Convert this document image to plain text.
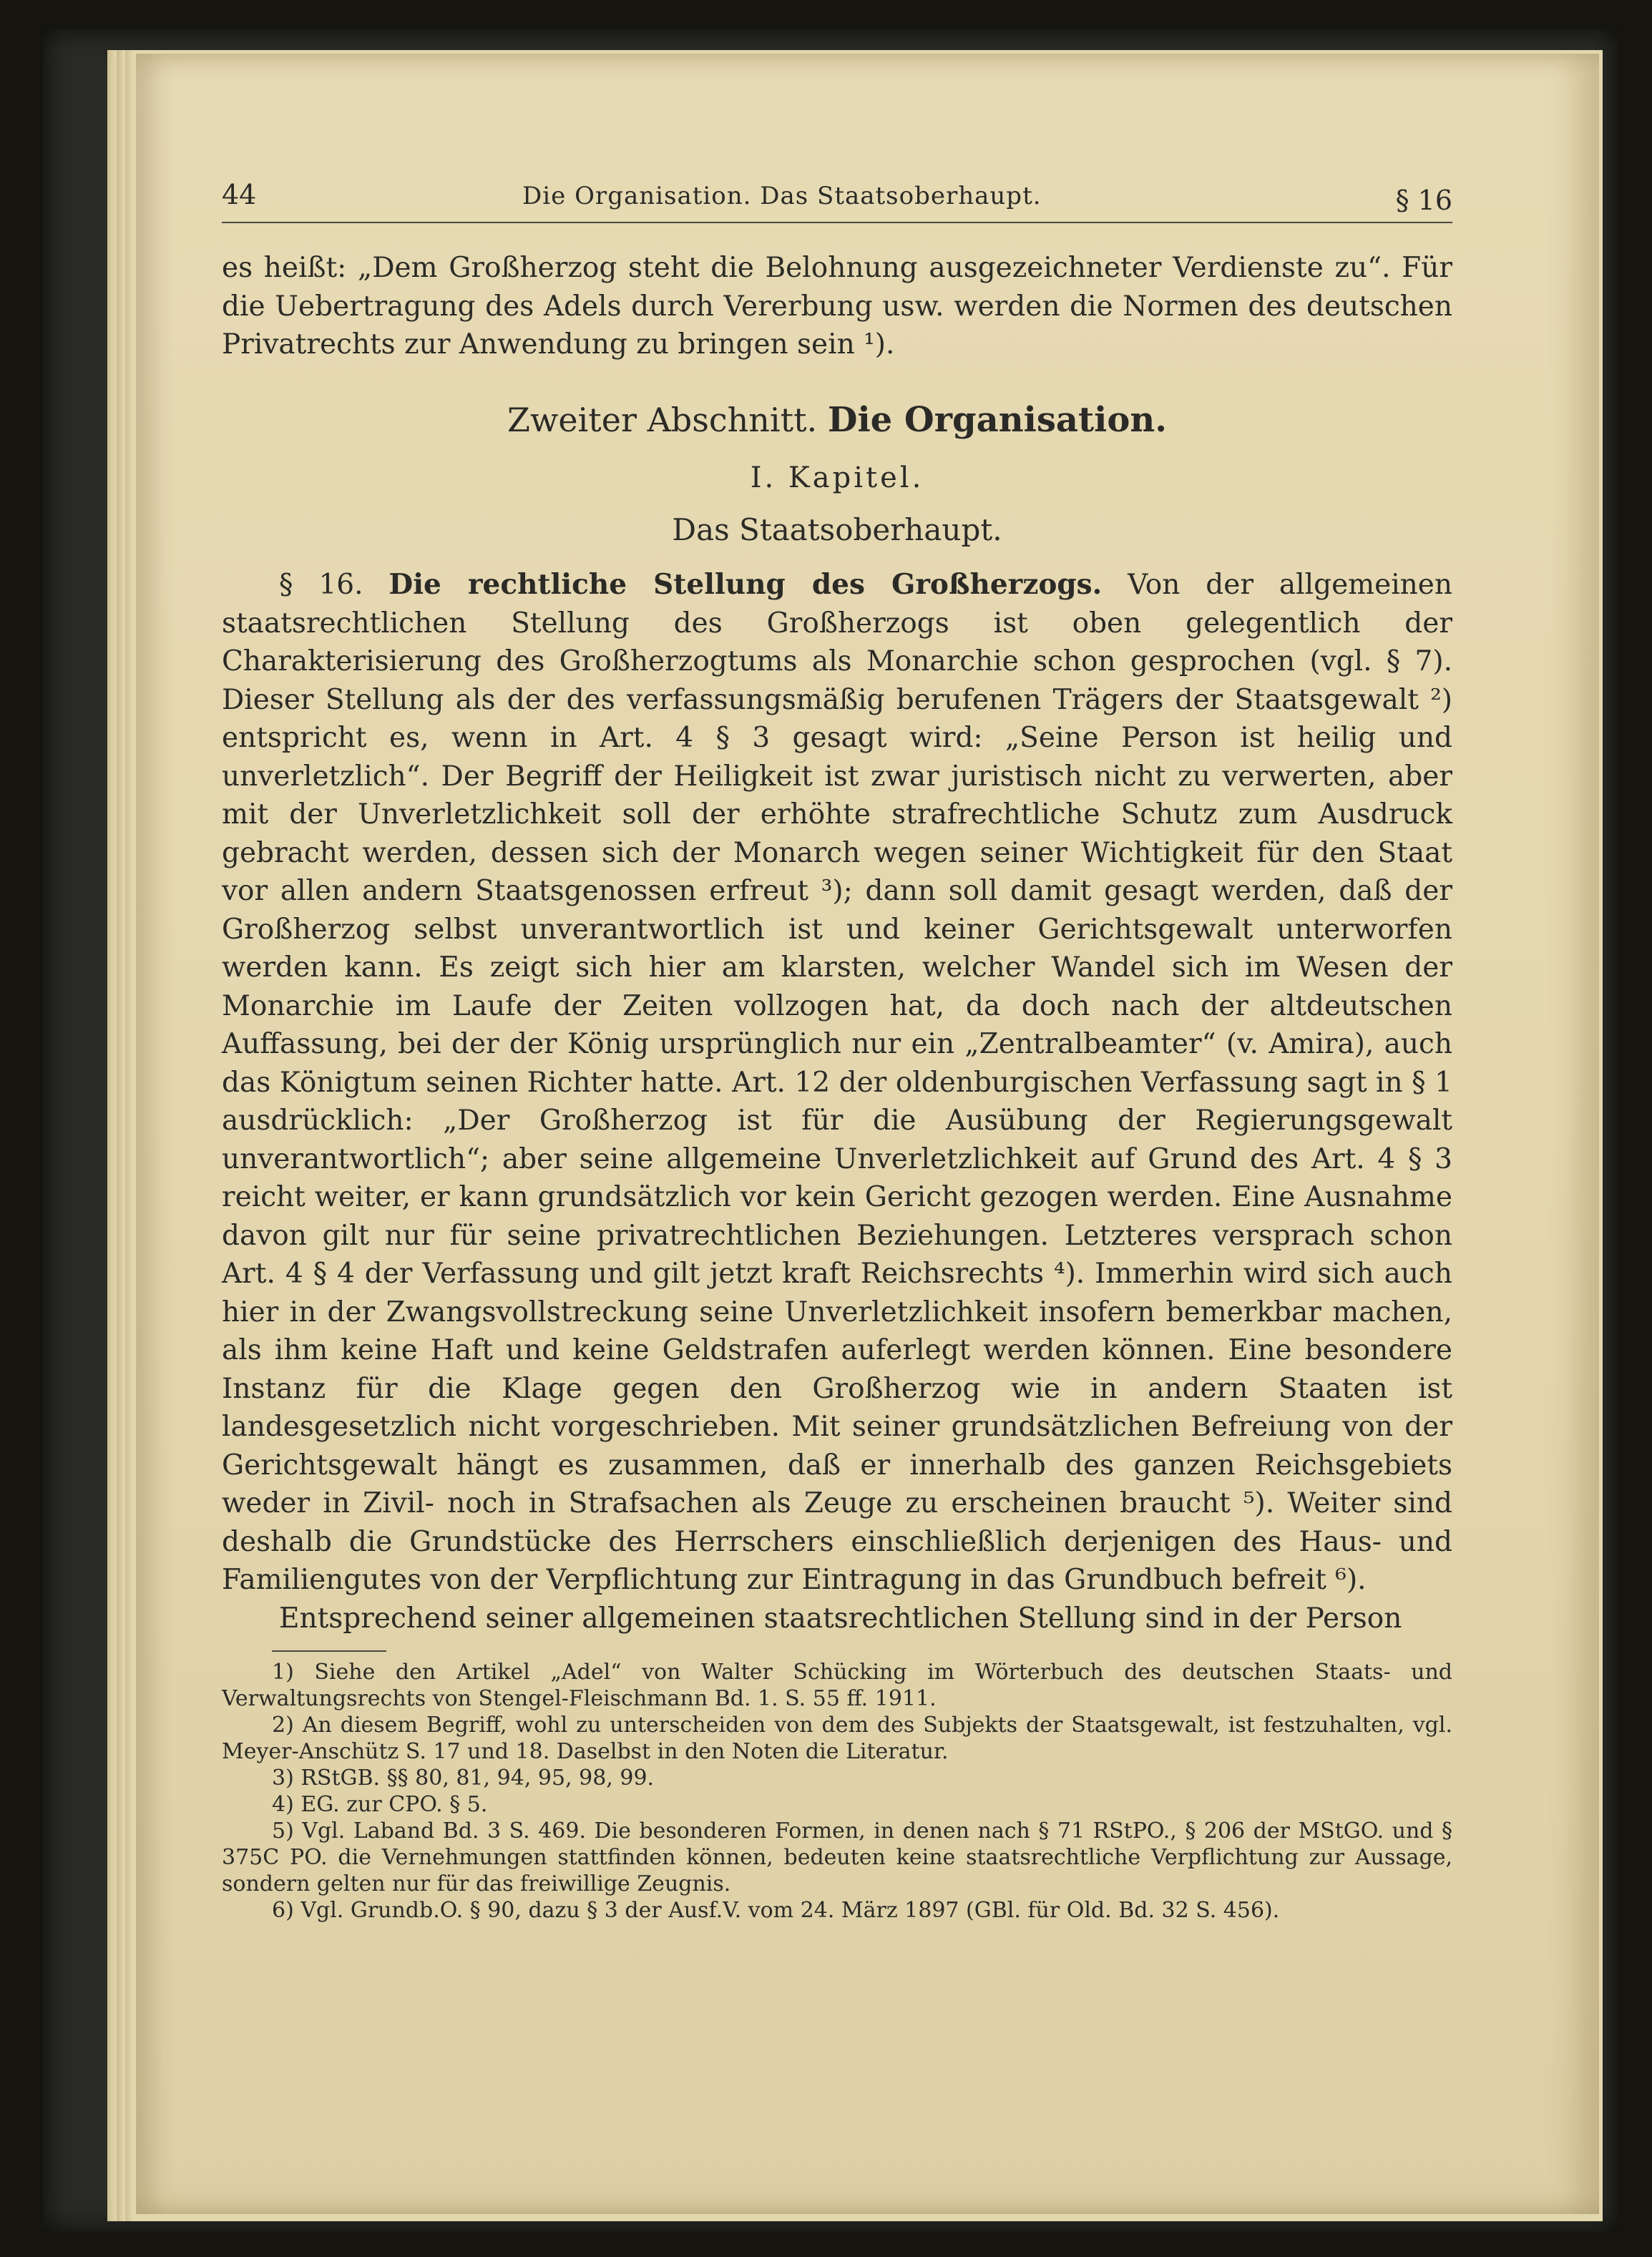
44	Die Organisation. Das Staatsoberhaupt.	§ 16

es heißt: „Dem Großherzog steht die Belohnung ausgezeichneter Verdienste zu“. Für die Uebertragung des Adels durch Vererbung usw. werden die Normen des deutschen Privatrechts zur Anwendung zu bringen sein ¹).

Zweiter Abschnitt. Die Organisation.
I. Kapitel.
Das Staatsoberhaupt.

§ 16. Die rechtliche Stellung des Großherzogs. Von der allgemeinen staatsrechtlichen Stellung des Großherzogs ist oben gelegentlich der Charakterisierung des Großherzogtums als Monarchie schon gesprochen (vgl. § 7). Dieser Stellung als der des verfassungsmäßig berufenen Trägers der Staatsgewalt ²) entspricht es, wenn in Art. 4 § 3 gesagt wird: „Seine Person ist heilig und unverletzlich“. Der Begriff der Heiligkeit ist zwar juristisch nicht zu verwerten, aber mit der Unverletzlichkeit soll der erhöhte strafrechtliche Schutz zum Ausdruck gebracht werden, dessen sich der Monarch wegen seiner Wichtigkeit für den Staat vor allen andern Staatsgenossen erfreut ³); dann soll damit gesagt werden, daß der Großherzog selbst unverantwortlich ist und keiner Gerichtsgewalt unterworfen werden kann. Es zeigt sich hier am klarsten, welcher Wandel sich im Wesen der Monarchie im Laufe der Zeiten vollzogen hat, da doch nach der altdeutschen Auffassung, bei der der König ursprünglich nur ein „Zentralbeamter“ (v. Amira), auch das Königtum seinen Richter hatte. Art. 12 der oldenburgischen Verfassung sagt in § 1 ausdrücklich: „Der Großherzog ist für die Ausübung der Regierungsgewalt unverantwortlich“; aber seine allgemeine Unverletzlichkeit auf Grund des Art. 4 § 3 reicht weiter, er kann grundsätzlich vor kein Gericht gezogen werden. Eine Ausnahme davon gilt nur für seine privatrechtlichen Beziehungen. Letzteres versprach schon Art. 4 § 4 der Verfassung und gilt jetzt kraft Reichsrechts ⁴). Immerhin wird sich auch hier in der Zwangsvollstreckung seine Unverletzlichkeit insofern bemerkbar machen, als ihm keine Haft und keine Geldstrafen auferlegt werden können. Eine besondere Instanz für die Klage gegen den Großherzog wie in andern Staaten ist landesgesetzlich nicht vorgeschrieben. Mit seiner grundsätzlichen Befreiung von der Gerichtsgewalt hängt es zusammen, daß er innerhalb des ganzen Reichsgebiets weder in Zivil- noch in Strafsachen als Zeuge zu erscheinen braucht ⁵). Weiter sind deshalb die Grundstücke des Herrschers einschließlich derjenigen des Haus- und Familiengutes von der Verpflichtung zur Eintragung in das Grundbuch befreit ⁶).

Entsprechend seiner allgemeinen staatsrechtlichen Stellung sind in der Person

1) Siehe den Artikel „Adel“ von Walter Schücking im Wörterbuch des deutschen Staats- und Verwaltungsrechts von Stengel-Fleischmann Bd. 1. S. 55 ff. 1911.

2) An diesem Begriff, wohl zu unterscheiden von dem des Subjekts der Staatsgewalt, ist festzuhalten, vgl. Meyer-Anschütz S. 17 und 18. Daselbst in den Noten die Literatur.

3) RStGB. §§ 80, 81, 94, 95, 98, 99.

4) EG. zur CPO. § 5.

5) Vgl. Laband Bd. 3 S. 469. Die besonderen Formen, in denen nach § 71 RStPO., § 206 der MStGO. und § 375C PO. die Vernehmungen stattfinden können, bedeuten keine staatsrechtliche Verpflichtung zur Aussage, sondern gelten nur für das freiwillige Zeugnis.

6) Vgl. Grundb.O. § 90, dazu § 3 der Ausf.V. vom 24. März 1897 (GBl. für Old. Bd. 32 S. 456).
